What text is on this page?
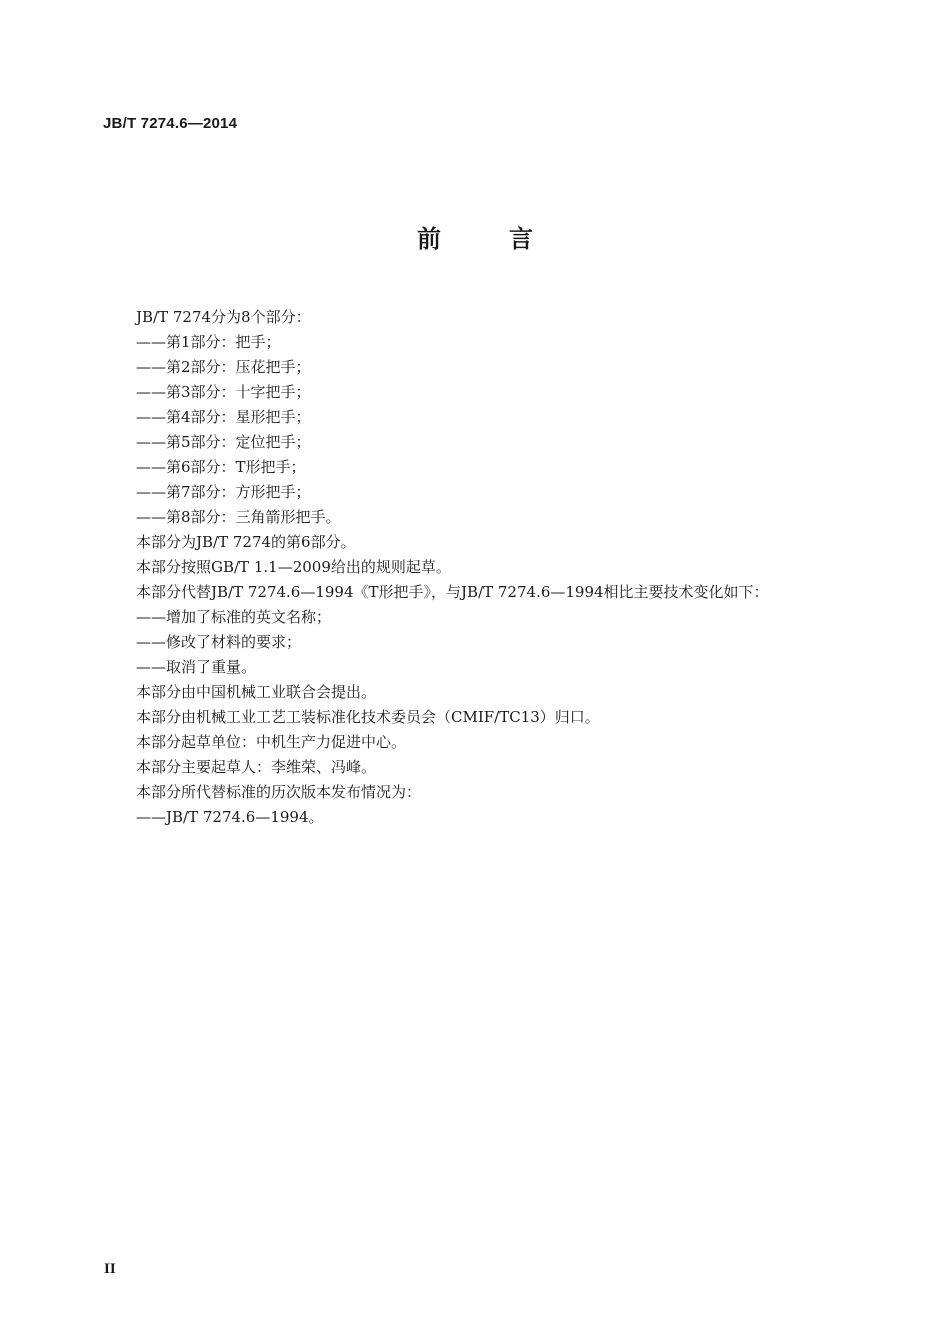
JB/T 7274.6—2014
前	言
JB/T 7274分为8个部分：
——第1部分：把手；
——第2部分：压花把手；
——第3部分：十字把手；
——第4部分：星形把手；
——第5部分：定位把手；
——第6部分：T形把手；
——第7部分：方形把手；
——第8部分：三角箭形把手。
本部分为JB/T 7274的第6部分。
本部分按照GB/T 1.1—2009给出的规则起草。
本部分代替JB/T 7274.6—1994《T形把手》，与JB/T 7274.6—1994相比主要技术变化如下：
——增加了标准的英文名称；
——修改了材料的要求；
——取消了重量。
本部分由中国机械工业联合会提出。
本部分由机械工业工艺工装标准化技术委员会（CMIF/TC13）归口。
本部分起草单位：中机生产力促进中心。
本部分主要起草人：李维荣、冯峰。
本部分所代替标准的历次版本发布情况为：
——JB/T 7274.6—1994。
II
